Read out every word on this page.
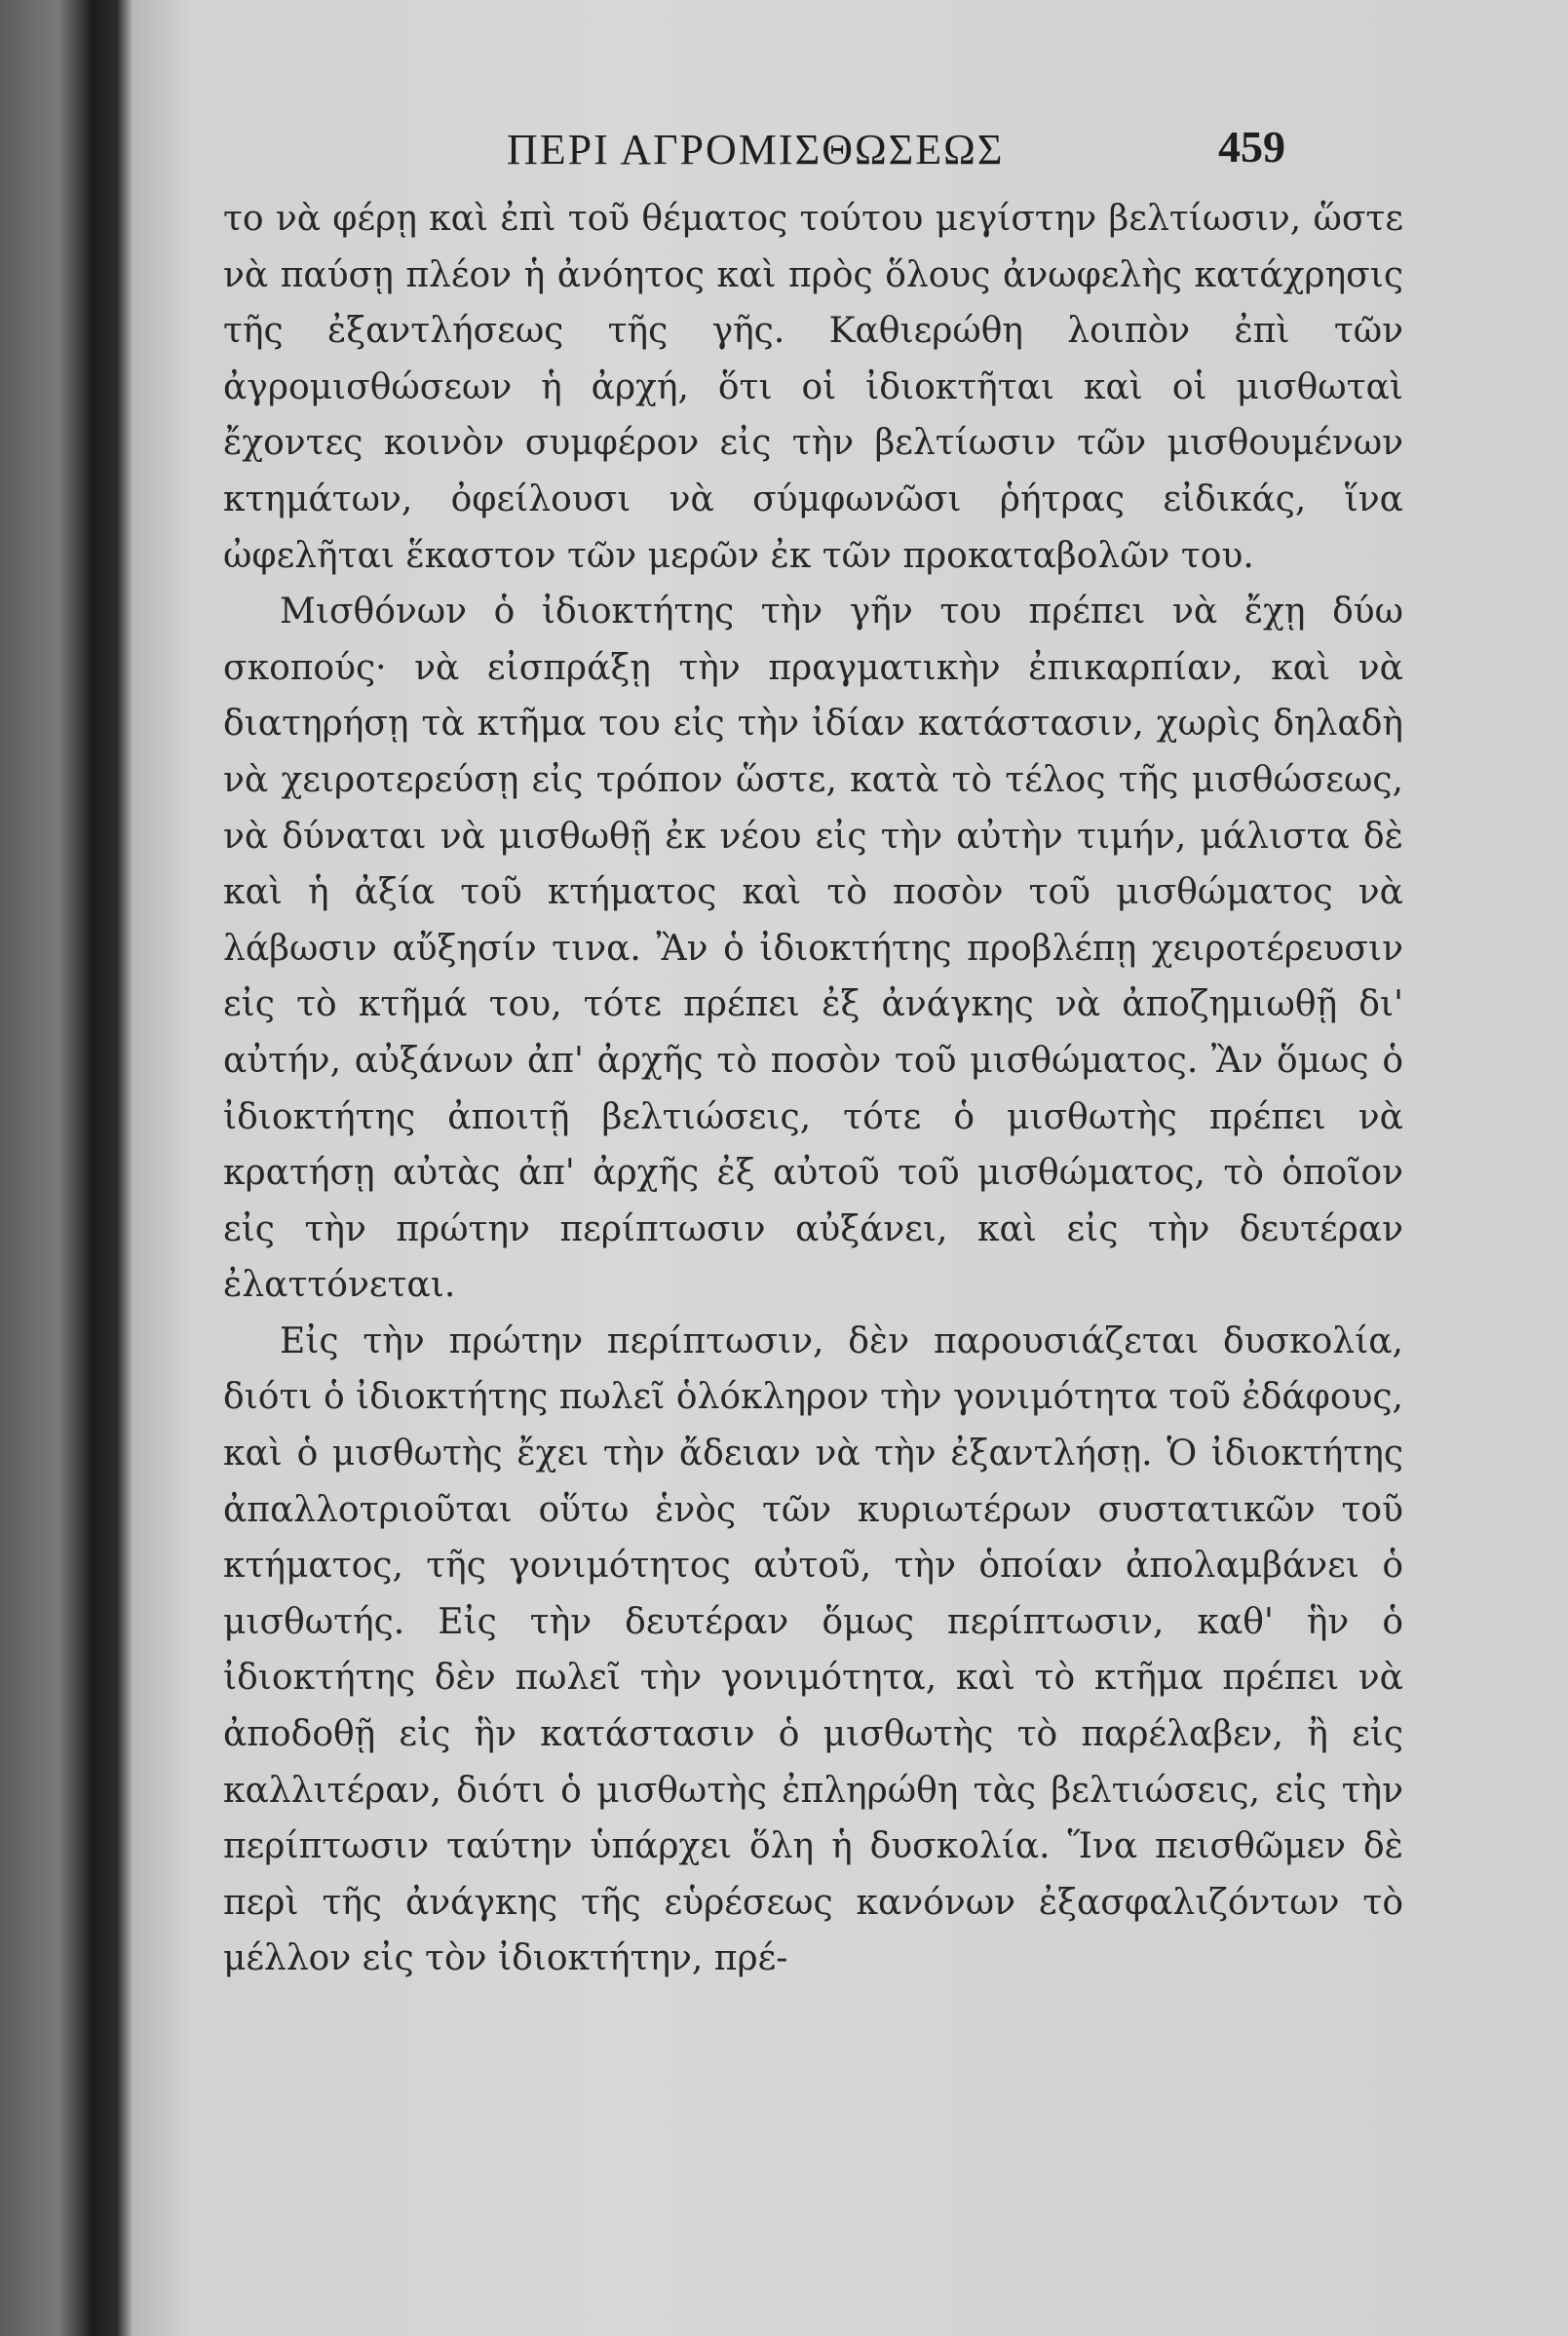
ΠΕΡΙ ΑΓΡΟΜΙΣΘΩΣΕΩΣ	459

το νὰ φέρῃ καὶ ἐπὶ τοῦ θέματος τούτου μεγίστην βελτίωσιν, ὥστε νὰ παύσῃ πλέον ἡ ἀνόητος καὶ πρὸς ὅλους ἀνωφελὴς κατάχρησις τῆς ἐξαντλήσεως τῆς γῆς. Καθιερώθη λοιπὸν ἐπὶ τῶν ἀγρομισθώσεων ἡ ἀρχή, ὅτι οἱ ἰδιοκτῆται καὶ οἱ μισθωταὶ ἔχοντες κοινὸν συμφέρον εἰς τὴν βελτίωσιν τῶν μισθουμένων κτημάτων, ὀφείλουσι νὰ σύμφωνῶσι ῥήτρας εἰδικάς, ἵνα ὠφελῆται ἕκαστον τῶν μερῶν ἐκ τῶν προκαταβολῶν του.

Μισθόνων ὁ ἰδιοκτήτης τὴν γῆν του πρέπει νὰ ἔχῃ δύω σκοπούς· νὰ εἰσπράξῃ τὴν πραγματικὴν ἐπικαρπίαν, καὶ νὰ διατηρήσῃ τὰ κτῆμα του εἰς τὴν ἰδίαν κατάστασιν, χωρὶς δηλαδὴ νὰ χειροτερεύσῃ εἰς τρόπον ὥστε, κατὰ τὸ τέλος τῆς μισθώσεως, νὰ δύναται νὰ μισθωθῇ ἐκ νέου εἰς τὴν αὐτὴν τιμήν, μάλιστα δὲ καὶ ἡ ἀξία τοῦ κτήματος καὶ τὸ ποσὸν τοῦ μισθώματος νὰ λάβωσιν αὔξησίν τινα. Ἂν ὁ ἰδιοκτήτης προβλέπῃ χειροτέρευσιν εἰς τὸ κτῆμά του, τότε πρέπει ἐξ ἀνάγκης νὰ ἀποζημιωθῇ δι' αὐτήν, αὐξάνων ἀπ' ἀρχῆς τὸ ποσὸν τοῦ μισθώματος. Ἂν ὅμως ὁ ἰδιοκτήτης ἀποιτῇ βελτιώσεις, τότε ὁ μισθωτὴς πρέπει νὰ κρατήσῃ αὐτὰς ἀπ' ἀρχῆς ἐξ αὐτοῦ τοῦ μισθώματος, τὸ ὁποῖον εἰς τὴν πρώτην περίπτωσιν αὐξάνει, καὶ εἰς τὴν δευτέραν ἐλαττόνεται.

Εἰς τὴν πρώτην περίπτωσιν, δὲν παρουσιάζεται δυσκολία, διότι ὁ ἰδιοκτήτης πωλεῖ ὁλόκληρον τὴν γονιμότητα τοῦ ἐδάφους, καὶ ὁ μισθωτὴς ἔχει τὴν ἄδειαν νὰ τὴν ἐξαντλήσῃ. Ὁ ἰδιοκτήτης ἀπαλλοτριοῦται οὕτω ἑνὸς τῶν κυριωτέρων συστατικῶν τοῦ κτήματος, τῆς γονιμότητος αὐτοῦ, τὴν ὁποίαν ἀπολαμβάνει ὁ μισθωτής. Εἰς τὴν δευτέραν ὅμως περίπτωσιν, καθ' ἣν ὁ ἰδιοκτήτης δὲν πωλεῖ τὴν γονιμότητα, καὶ τὸ κτῆμα πρέπει νὰ ἀποδοθῇ εἰς ἣν κατάστασιν ὁ μισθωτὴς τὸ παρέλαβεν, ἢ εἰς καλλιτέραν, διότι ὁ μισθωτὴς ἐπληρώθη τὰς βελτιώσεις, εἰς τὴν περίπτωσιν ταύτην ὑπάρχει ὅλη ἡ δυσκολία. Ἵνα πεισθῶμεν δὲ περὶ τῆς ἀνάγκης τῆς εὑρέσεως κανόνων ἐξασφαλιζόντων τὸ μέλλον εἰς τὸν ἰδιοκτήτην, πρέ-
